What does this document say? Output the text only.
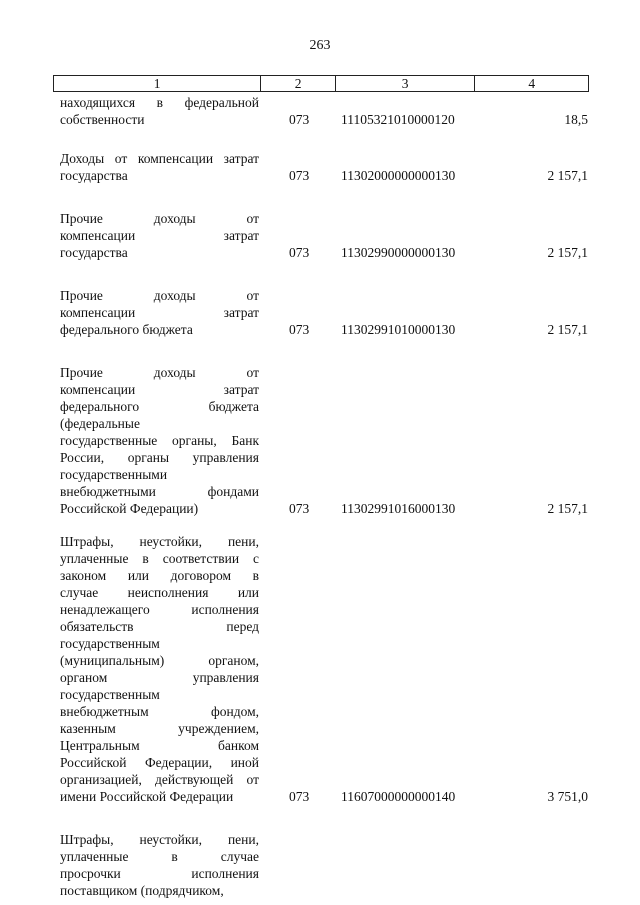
263
1	2	3	4
находящихся в федеральной
собственности	073	11105321010000120	18,5
Доходы от компенсации затрат
государства	073	11302000000000130	2 157,1
Прочие доходы от
компенсации затрат
государства	073	11302990000000130	2 157,1
Прочие доходы от
компенсации затрат
федерального бюджета	073	11302991010000130	2 157,1
Прочие доходы от
компенсации затрат
федерального бюджета
(федеральные
государственные органы, Банк
России, органы управления
государственными
внебюджетными фондами
Российской Федерации)	073	11302991016000130	2 157,1
Штрафы, неустойки, пени,
уплаченные в соответствии с
законом или договором в
случае неисполнения или
ненадлежащего исполнения
обязательств перед
государственным
(муниципальным) органом,
органом управления
государственным
внебюджетным фондом,
казенным учреждением,
Центральным банком
Российской Федерации, иной
организацией, действующей от
имени Российской Федерации	073	11607000000000140	3 751,0
Штрафы, неустойки, пени,
уплаченные в случае
просрочки исполнения
поставщиком (подрядчиком,
